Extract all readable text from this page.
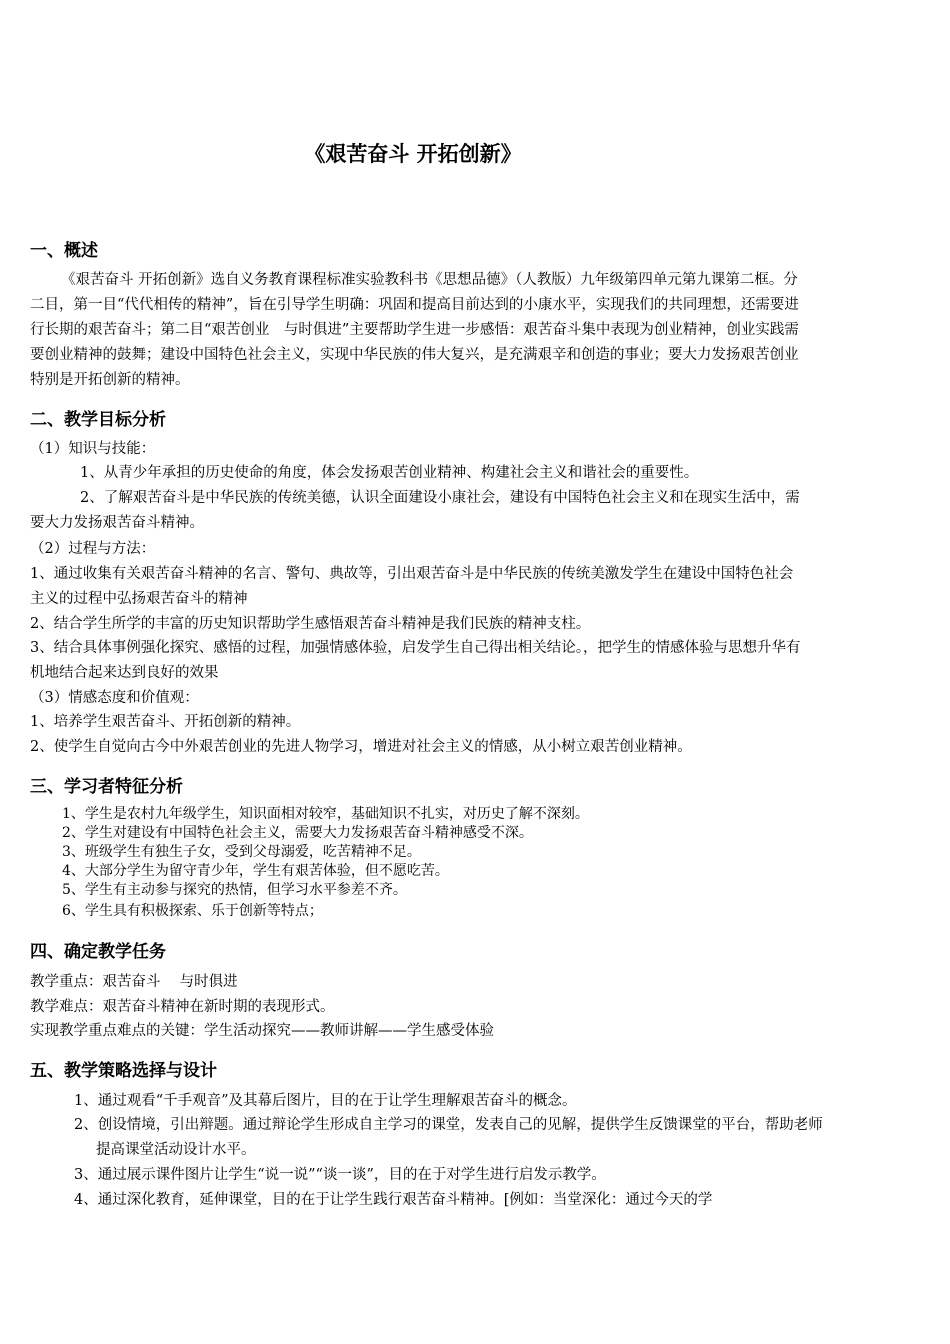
《艰苦奋斗 开拓创新》
一、概述

《艰苦奋斗 开拓创新》选自义务教育课程标准实验教科书《思想品德》（人教版）九年级第四单元第九课第二框。分二目，第一目“代代相传的精神”，旨在引导学生明确：巩固和提高目前达到的小康水平，实现我们的共同理想，还需要进行长期的艰苦奋斗；第二目“艰苦创业　与时俱进”主要帮助学生进一步感悟：艰苦奋斗集中表现为创业精神，创业实践需要创业精神的鼓舞；建设中国特色社会主义，实现中华民族的伟大复兴，是充满艰辛和创造的事业；要大力发扬艰苦创业特别是开拓创新的精神。

二、教学目标分析

（1）知识与技能：

1、从青少年承担的历史使命的角度，体会发扬艰苦创业精神、构建社会主义和谐社会的重要性。

2、了解艰苦奋斗是中华民族的传统美德，认识全面建设小康社会，建设有中国特色社会主义和在现实生活中，需要大力发扬艰苦奋斗精神。

（2）过程与方法：

1、通过收集有关艰苦奋斗精神的名言、警句、典故等，引出艰苦奋斗是中华民族的传统美激发学生在建设中国特色社会主义的过程中弘扬艰苦奋斗的精神

2、结合学生所学的丰富的历史知识帮助学生感悟艰苦奋斗精神是我们民族的精神支柱。

3、结合具体事例强化探究、感悟的过程，加强情感体验，启发学生自己得出相关结论。，把学生的情感体验与思想升华有机地结合起来达到良好的效果

（3）情感态度和价值观：

1、培养学生艰苦奋斗、开拓创新的精神。

2、使学生自觉向古今中外艰苦创业的先进人物学习，增进对社会主义的情感，从小树立艰苦创业精神。

三、学习者特征分析

1、学生是农村九年级学生，知识面相对较窄，基础知识不扎实，对历史了解不深刻。

2、学生对建设有中国特色社会主义，需要大力发扬艰苦奋斗精神感受不深。

3、班级学生有独生子女，受到父母溺爱，吃苦精神不足。

4、大部分学生为留守青少年，学生有艰苦体验，但不愿吃苦。

5、学生有主动参与探究的热情，但学习水平参差不齐。

6、学生具有积极探索、乐于创新等特点；

四、确定教学任务

教学重点：艰苦奋斗　 与时俱进

教学难点：艰苦奋斗精神在新时期的表现形式。

实现教学重点难点的关键：学生活动探究——教师讲解——学生感受体验

五、教学策略选择与设计

1、通过观看“千手观音”及其幕后图片，目的在于让学生理解艰苦奋斗的概念。

2、创设情境，引出辩题。通过辩论学生形成自主学习的课堂，发表自己的见解，提供学生反馈课堂的平台，帮助老师提高课堂活动设计水平。

3、通过展示课件图片让学生“说一说”“谈一谈”，目的在于对学生进行启发示教学。

4、通过深化教育，延伸课堂，目的在于让学生践行艰苦奋斗精神。[例如：当堂深化：通过今天的学
